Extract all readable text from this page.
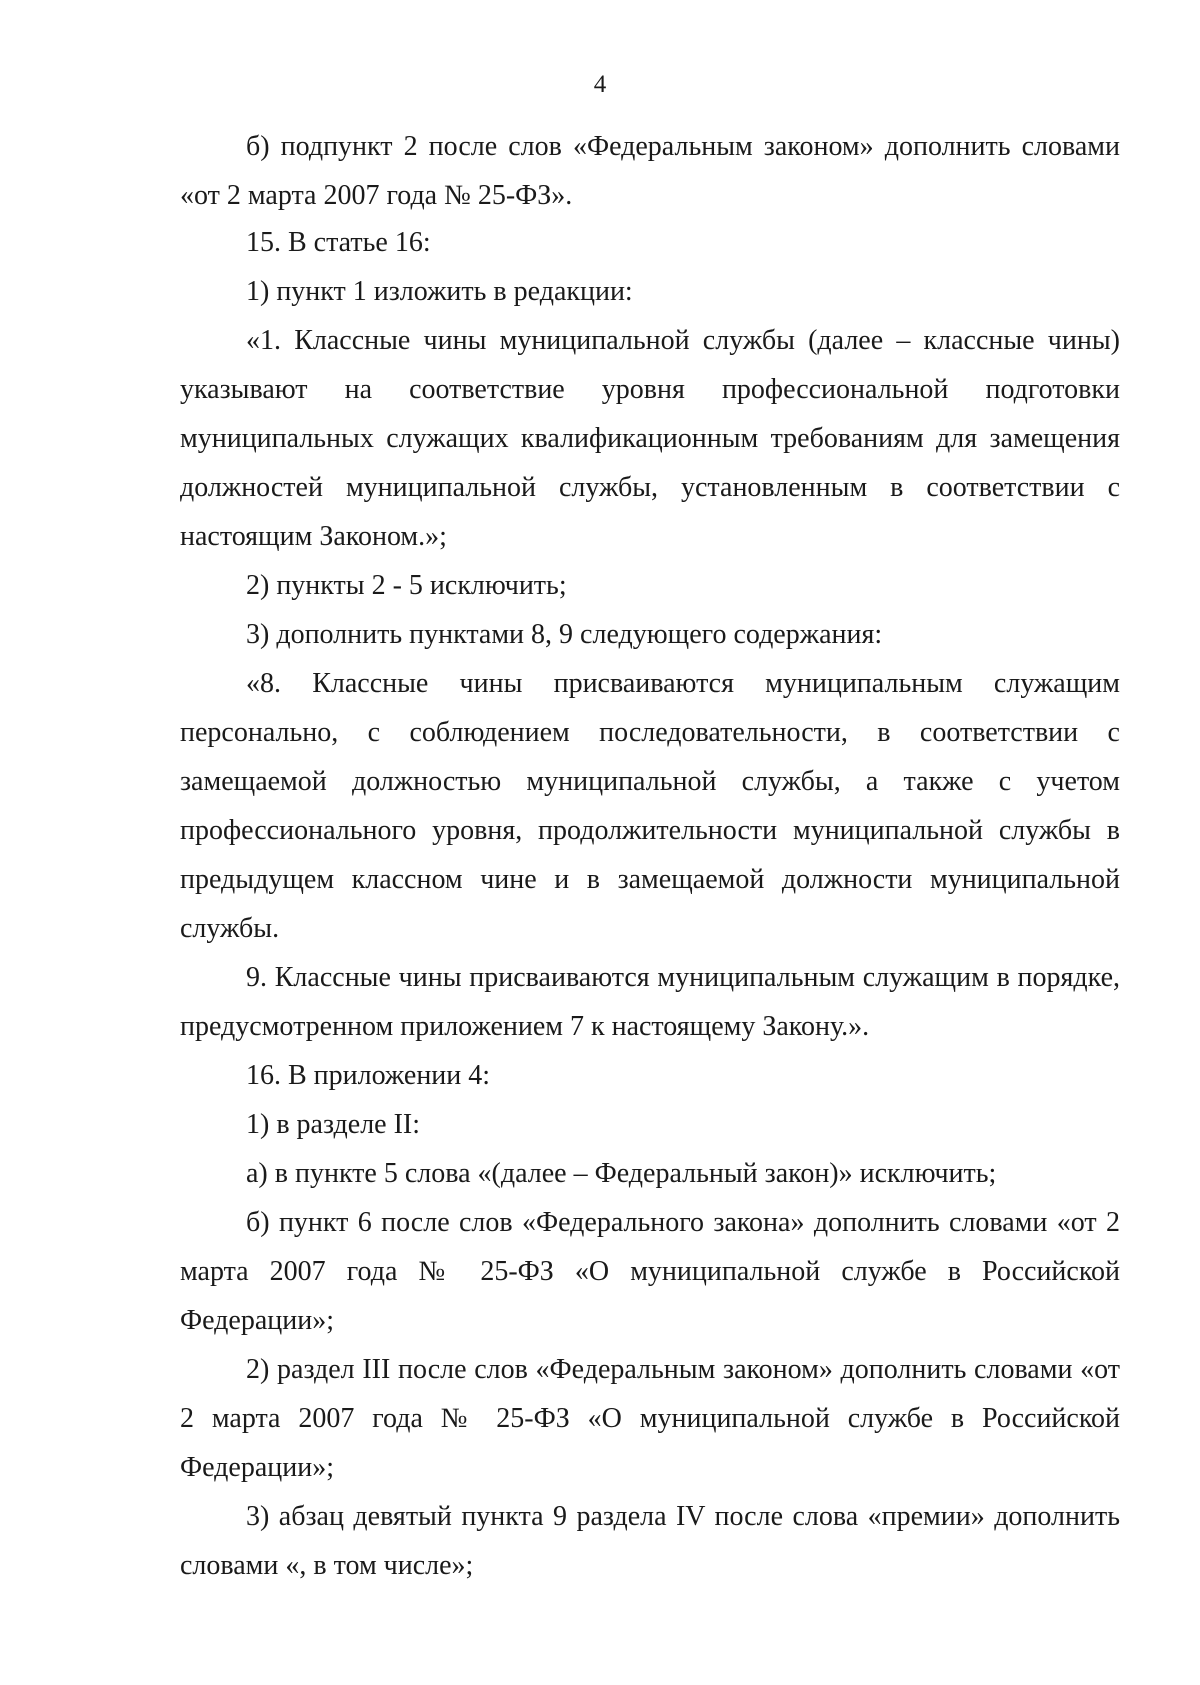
4

б) подпункт 2 после слов «Федеральным законом» дополнить словами «от 2 марта 2007 года № 25-ФЗ».

15. В статье 16:

1) пункт 1 изложить в редакции:

«1. Классные чины муниципальной службы (далее – классные чины) указывают на соответствие уровня профессиональной подготовки муниципальных служащих квалификационным требованиям для замещения должностей муниципальной службы, установленным в соответствии с настоящим Законом.»;

2) пункты 2 - 5 исключить;

3) дополнить пунктами 8, 9 следующего содержания:

«8. Классные чины присваиваются муниципальным служащим персонально, с соблюдением последовательности, в соответствии с замещаемой должностью муниципальной службы, а также с учетом профессионального уровня, продолжительности муниципальной службы в предыдущем классном чине и в замещаемой должности муниципальной службы.

9. Классные чины присваиваются муниципальным служащим в порядке, предусмотренном приложением 7 к настоящему Закону.».

16. В приложении 4:

1) в разделе II:

а) в пункте 5 слова «(далее – Федеральный закон)» исключить;

б) пункт 6 после слов «Федерального закона» дополнить словами «от 2 марта 2007 года № 25-ФЗ «О муниципальной службе в Российской Федерации»;

2) раздел III после слов «Федеральным законом» дополнить словами «от 2 марта 2007 года № 25-ФЗ «О муниципальной службе в Российской Федерации»;

3) абзац девятый пункта 9 раздела IV после слова «премии» дополнить словами «, в том числе»;
